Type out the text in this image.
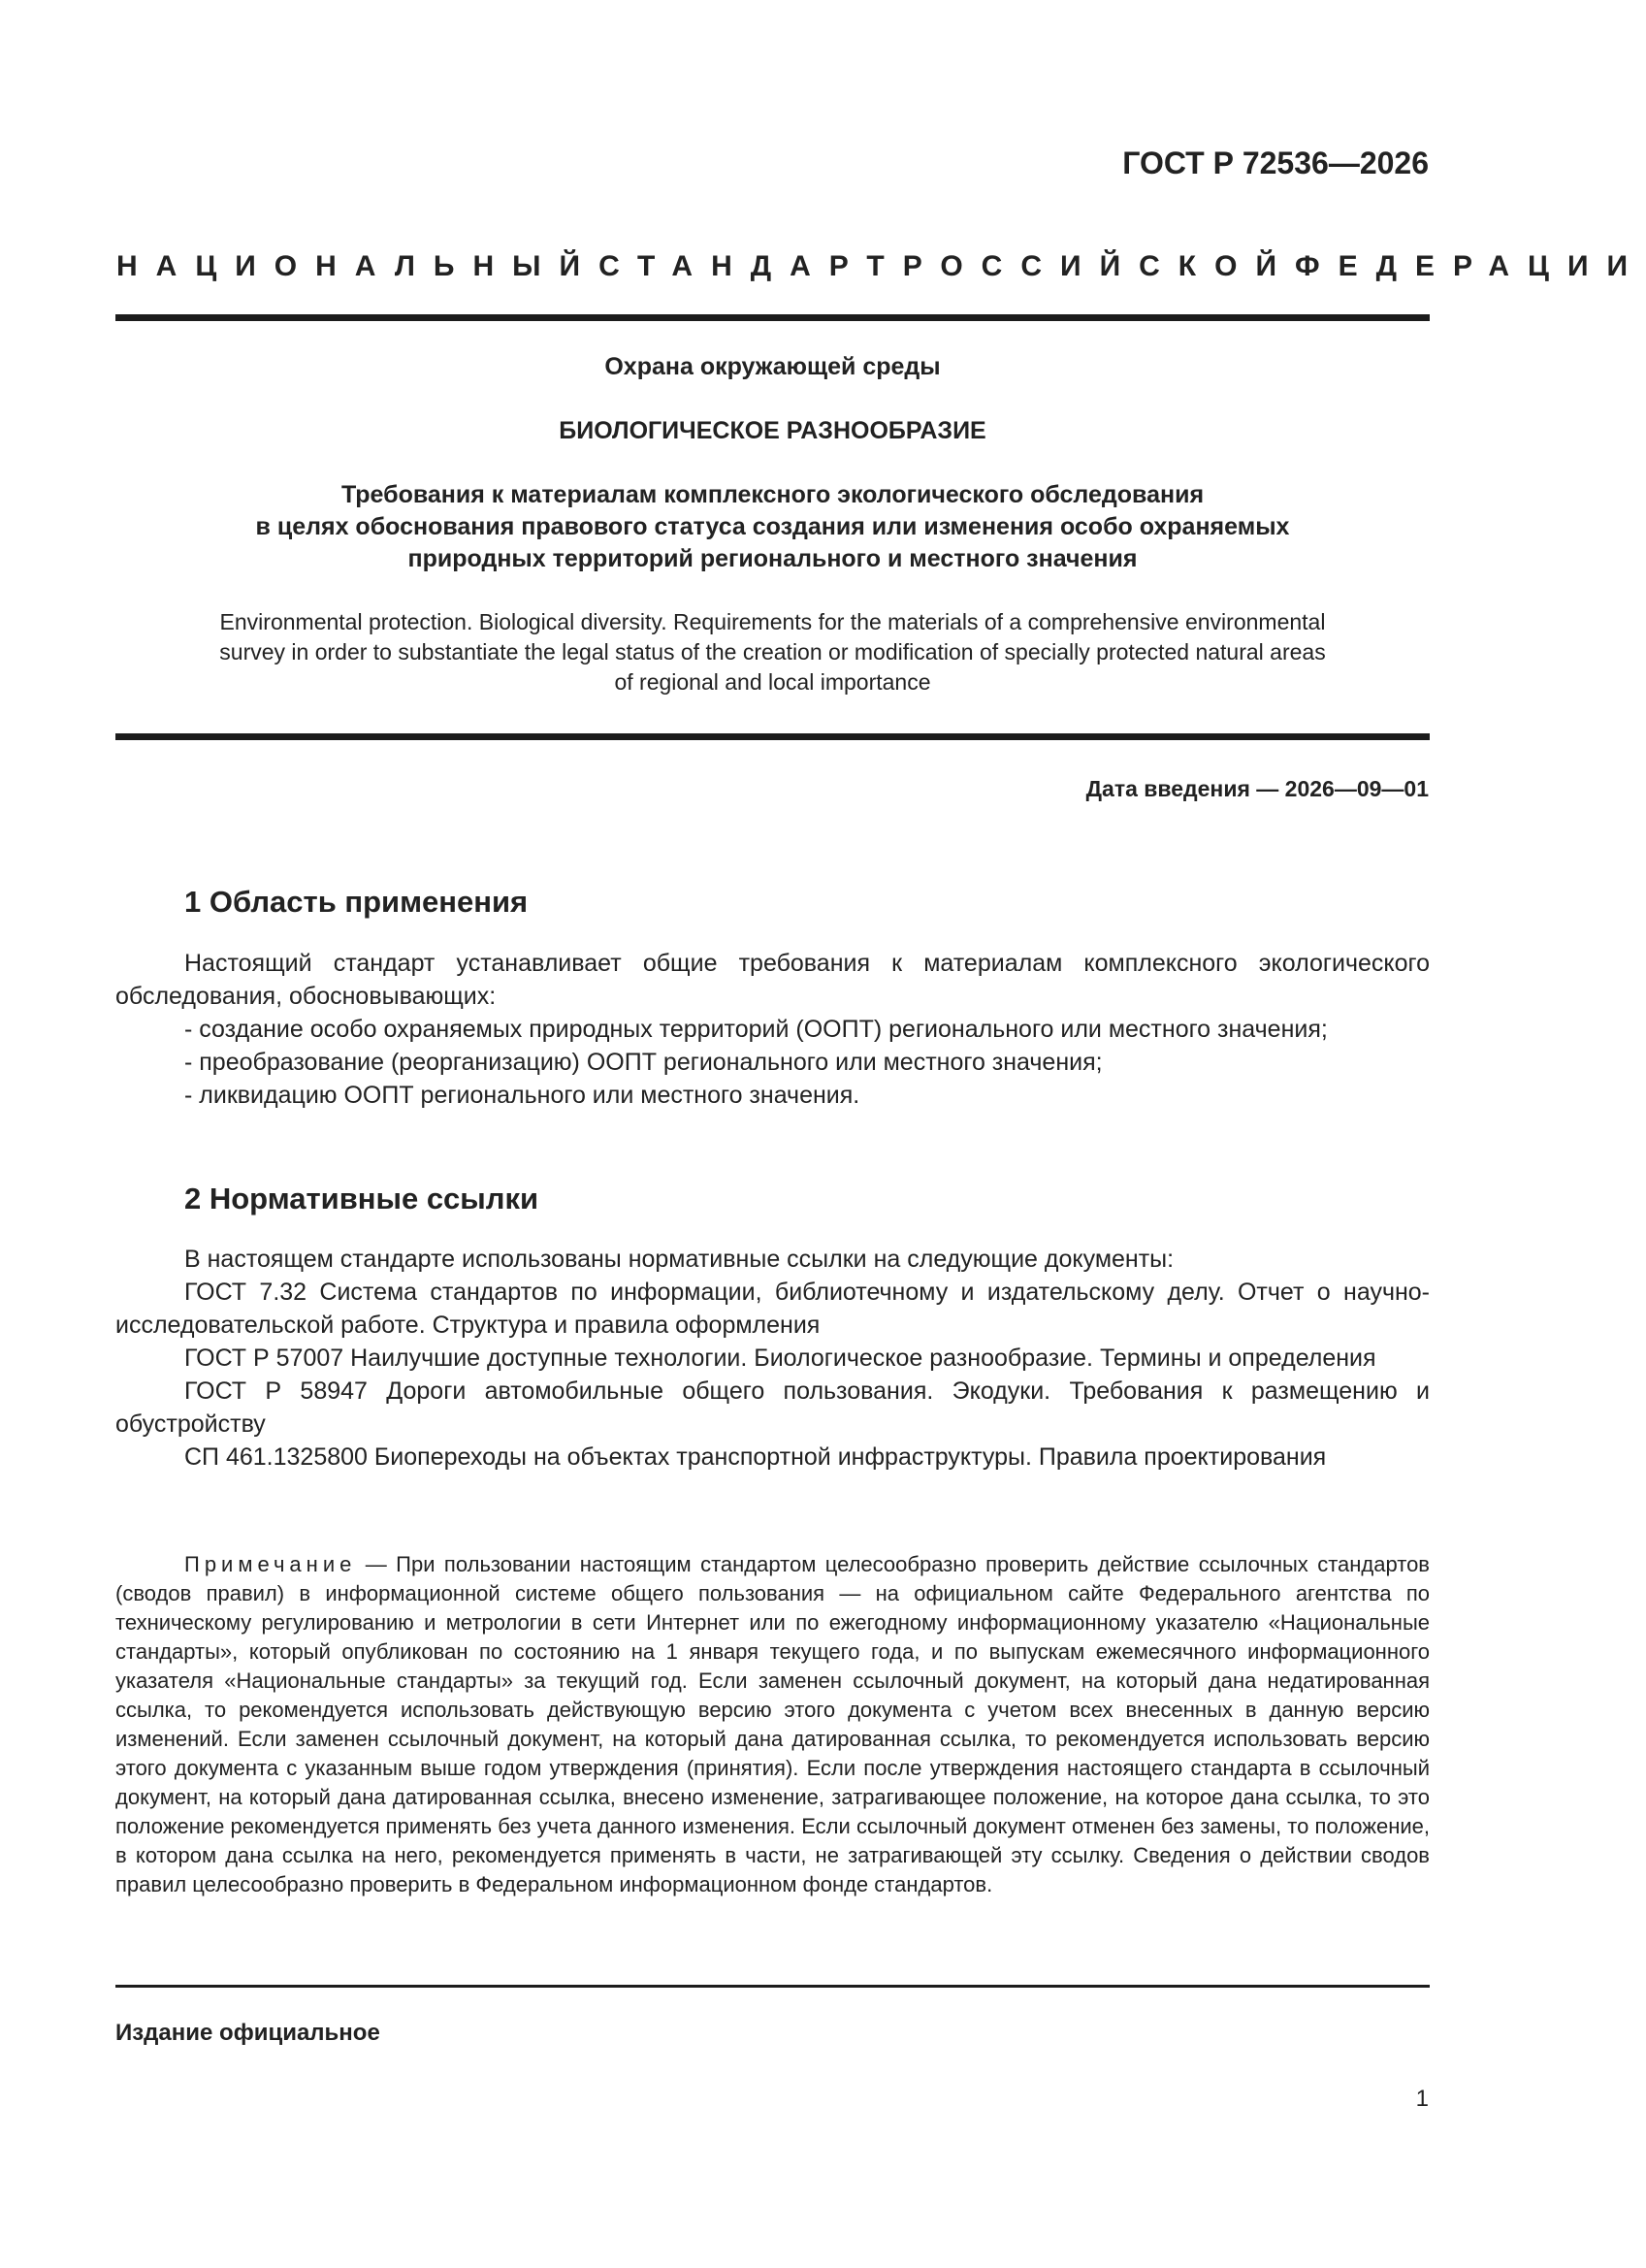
ГОСТ Р 72536—2026
НАЦИОНАЛЬНЫЙ СТАНДАРТ РОССИЙСКОЙ ФЕДЕРАЦИИ
Охрана окружающей среды
БИОЛОГИЧЕСКОЕ РАЗНООБРАЗИЕ
Требования к материалам комплексного экологического обследования
в целях обоснования правового статуса создания или изменения особо охраняемых
природных территорий регионального и местного значения
Environmental protection. Biological diversity. Requirements for the materials of a comprehensive environmental
survey in order to substantiate the legal status of the creation or modification of specially protected natural areas
of regional and local importance
Дата введения — 2026—09—01
1 Область применения

Настоящий стандарт устанавливает общие требования к материалам комплексного экологического обследования, обосновывающих:

- создание особо охраняемых природных территорий (ООПТ) регионального или местного значения;

- преобразование (реорганизацию) ООПТ регионального или местного значения;

- ликвидацию ООПТ регионального или местного значения.

2 Нормативные ссылки

В настоящем стандарте использованы нормативные ссылки на следующие документы:

ГОСТ 7.32 Система стандартов по информации, библиотечному и издательскому делу. Отчет о научно-исследовательской работе. Структура и правила оформления

ГОСТ Р 57007 Наилучшие доступные технологии. Биологическое разнообразие. Термины и определения

ГОСТ Р 58947 Дороги автомобильные общего пользования. Экодуки. Требования к размещению и обустройству

СП 461.1325800 Биопереходы на объектах транспортной инфраструктуры. Правила проектирования

Примечание — При пользовании настоящим стандартом целесообразно проверить действие ссылочных стандартов (сводов правил) в информационной системе общего пользования — на официальном сайте Федерального агентства по техническому регулированию и метрологии в сети Интернет или по ежегодному информационному указателю «Национальные стандарты», который опубликован по состоянию на 1 января текущего года, и по выпускам ежемесячного информационного указателя «Национальные стандарты» за текущий год. Если заменен ссылочный документ, на который дана недатированная ссылка, то рекомендуется использовать действующую версию этого документа с учетом всех внесенных в данную версию изменений. Если заменен ссылочный документ, на который дана датированная ссылка, то рекомендуется использовать версию этого документа с указанным выше годом утверждения (принятия). Если после утверждения настоящего стандарта в ссылочный документ, на который дана датированная ссылка, внесено изменение, затрагивающее положение, на которое дана ссылка, то это положение рекомендуется применять без учета данного изменения. Если ссылочный документ отменен без замены, то положение, в котором дана ссылка на него, рекомендуется применять в части, не затрагивающей эту ссылку. Сведения о действии сводов правил целесообразно проверить в Федеральном информационном фонде стандартов.
Издание официальное
1
